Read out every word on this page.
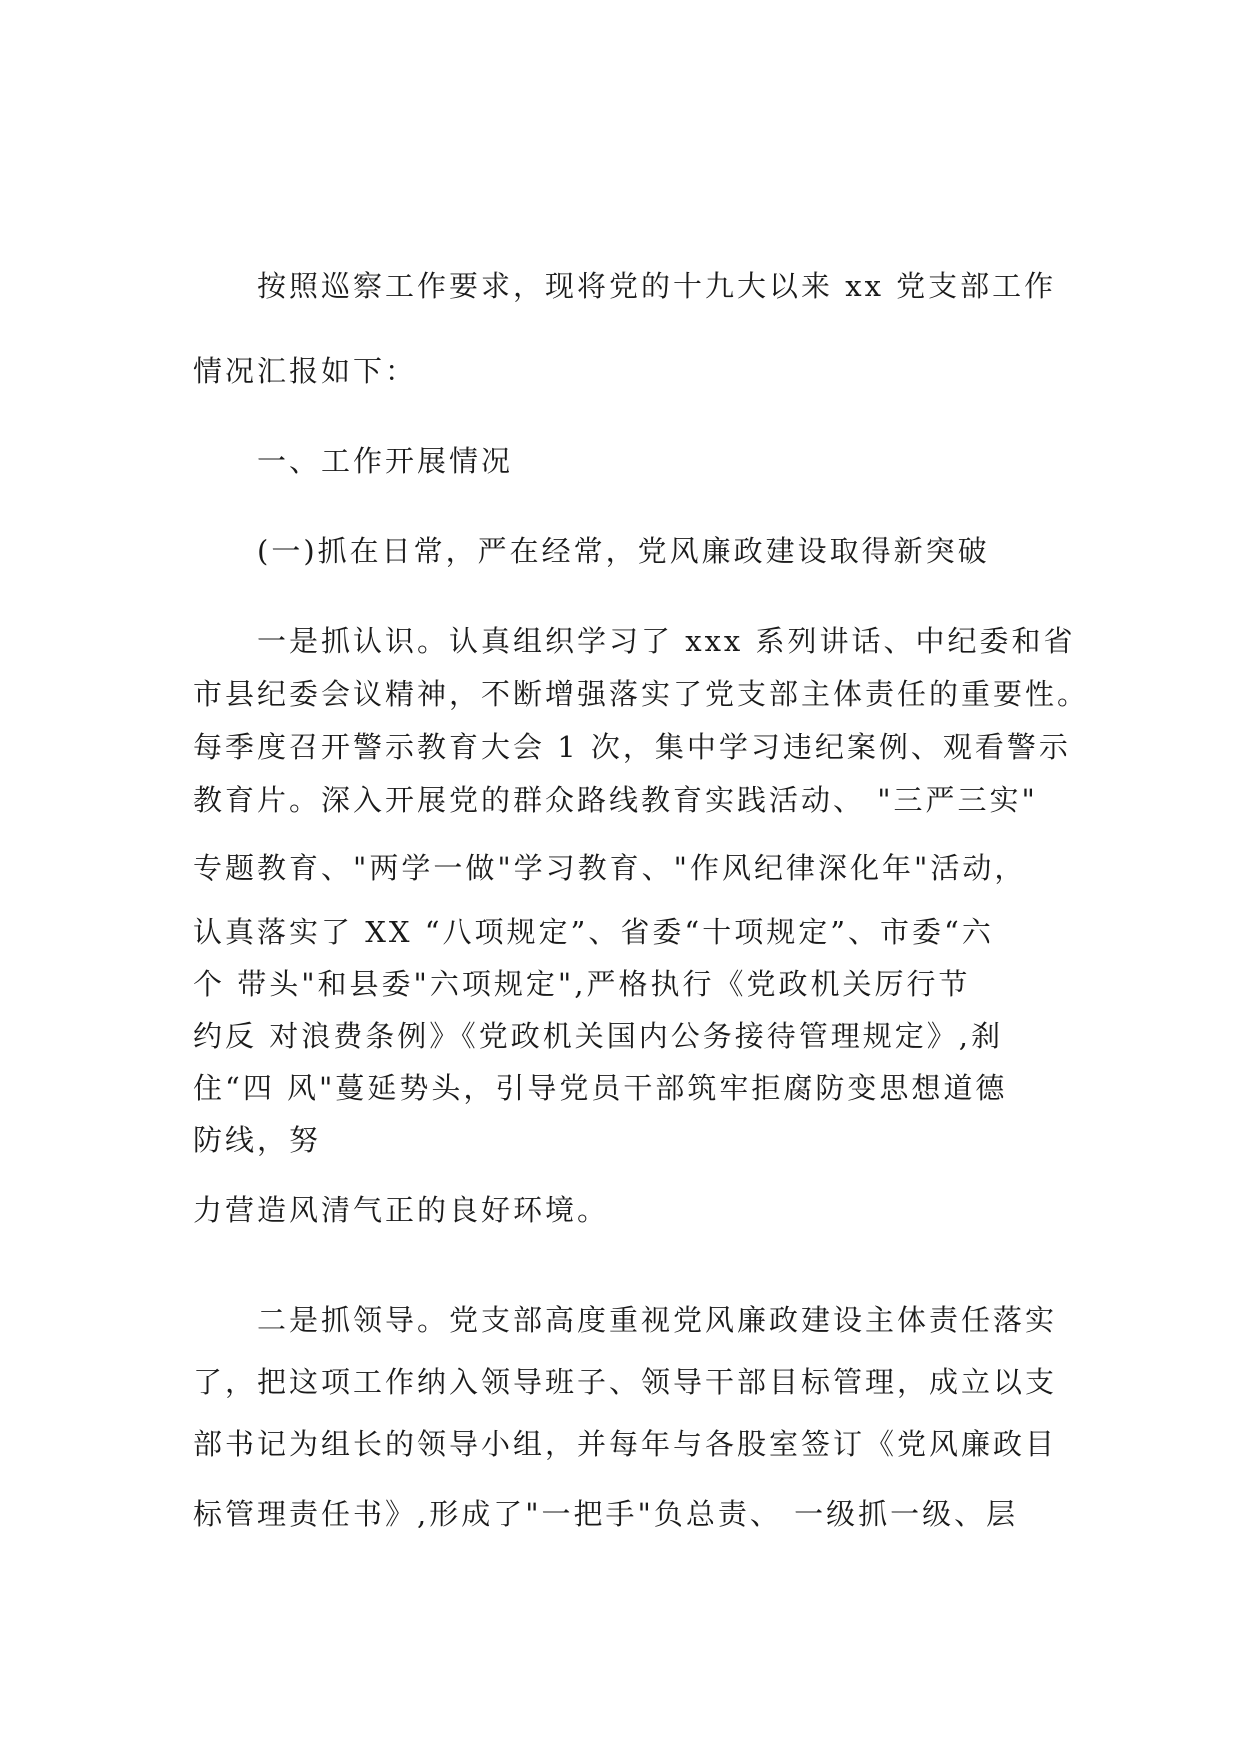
按照巡察工作要求，现将党的十九大以来 xx 党支部工作
情况汇报如下：
一、工作开展情况
(一)抓在日常，严在经常，党风廉政建设取得新突破
一是抓认识。认真组织学习了 xxx 系列讲话、中纪委和省
市县纪委会议精神，不断增强落实了党支部主体责任的重要性。
每季度召开警示教育大会 1 次，集中学习违纪案例、观看警示
教育片。深入开展党的群众路线教育实践活动、 "三严三实"
专题教育、"两学一做"学习教育、"作风纪律深化年"活动，
认真落实了 XX “八项规定”、省委“十项规定”、市委“六
个 带头"和县委"六项规定",严格执行《党政机关厉行节
约反 对浪费条例》《党政机关国内公务接待管理规定》,刹
住“四 风"蔓延势头，引导党员干部筑牢拒腐防变思想道德
防线，努
力营造风清气正的良好环境。
二是抓领导。党支部高度重视党风廉政建设主体责任落实
了，把这项工作纳入领导班子、领导干部目标管理，成立以支
部书记为组长的领导小组，并每年与各股室签订《党风廉政目
标管理责任书》,形成了"一把手"负总责、 一级抓一级、层
